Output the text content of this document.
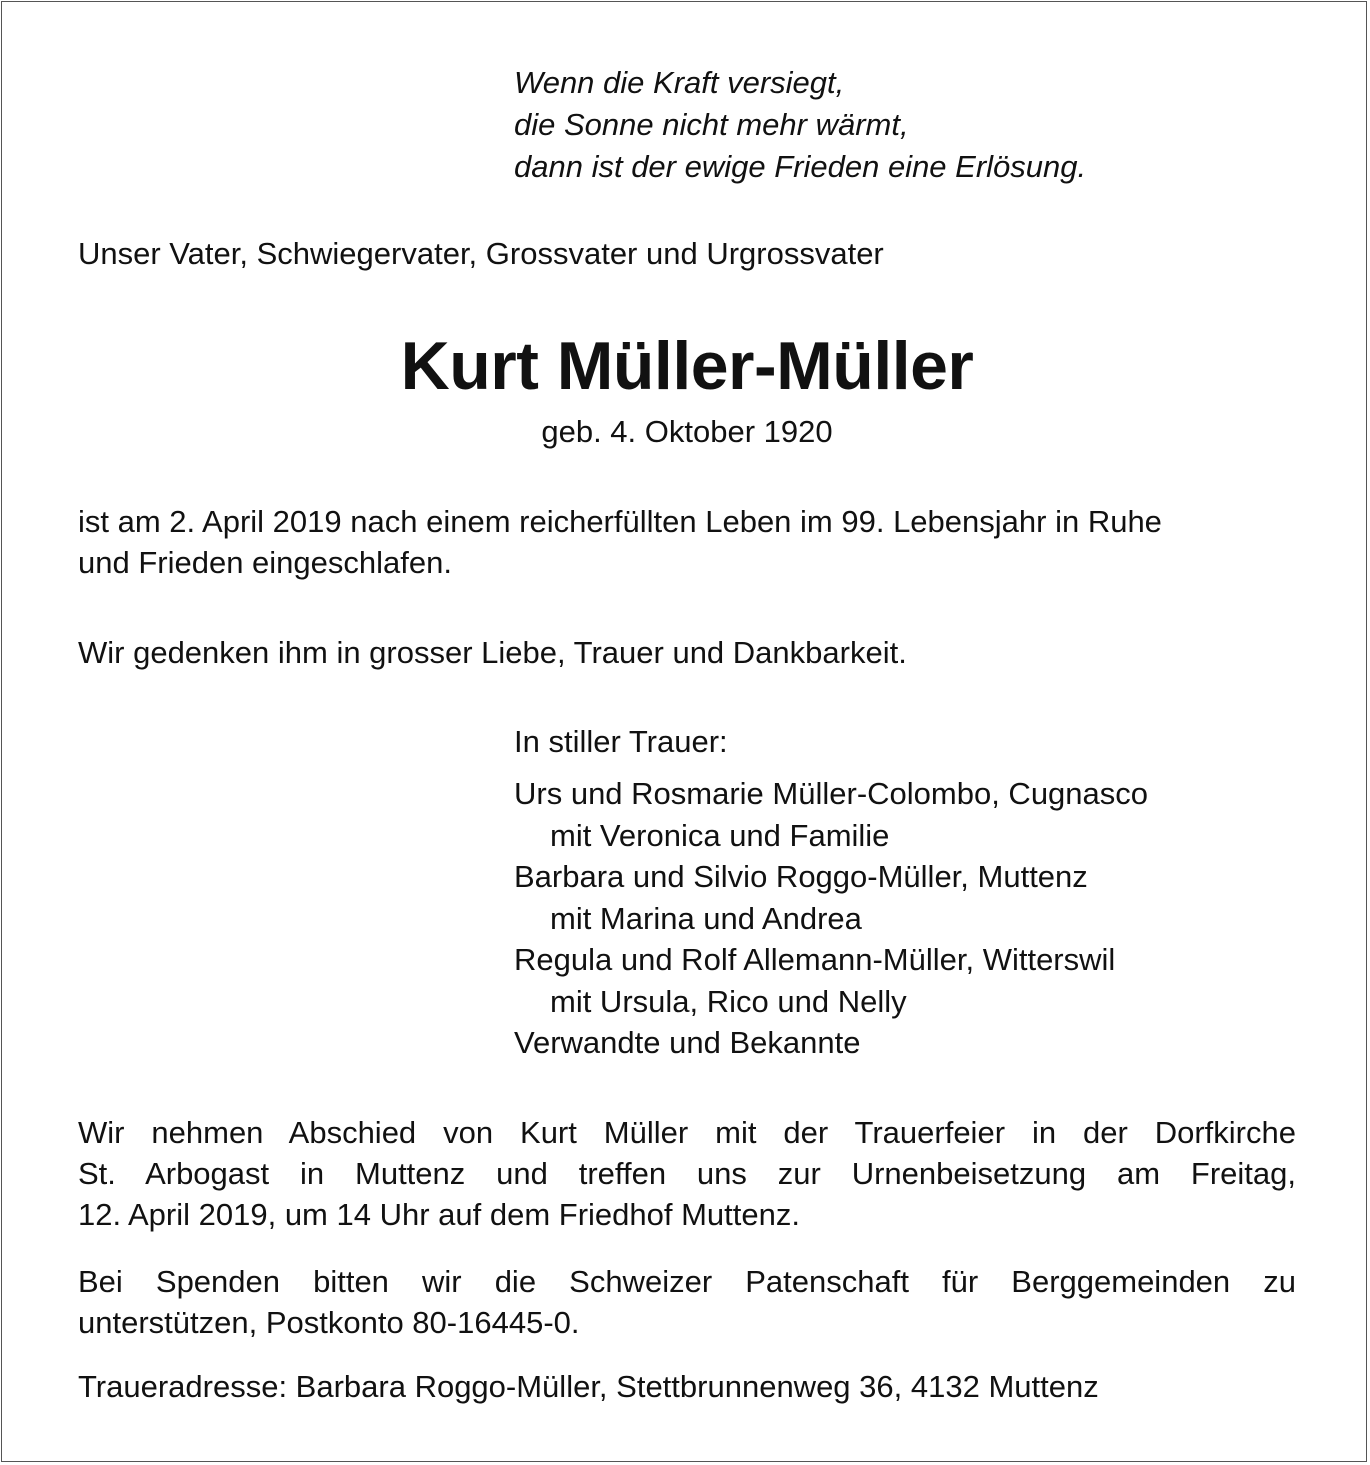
Wenn die Kraft versiegt,
die Sonne nicht mehr wärmt,
dann ist der ewige Frieden eine Erlösung.
Unser Vater, Schwiegervater, Grossvater und Urgrossvater
Kurt Müller-Müller
geb. 4. Oktober 1920
ist am 2. April 2019 nach einem reicherfüllten Leben im 99. Lebensjahr in Ruhe
und Frieden eingeschlafen.
Wir gedenken ihm in grosser Liebe, Trauer und Dankbarkeit.
In stiller Trauer:
Urs und Rosmarie Müller-Colombo, Cugnasco
mit Veronica und Familie
Barbara und Silvio Roggo-Müller, Muttenz
mit Marina und Andrea
Regula und Rolf Allemann-Müller, Witterswil
mit Ursula, Rico und Nelly
Verwandte und Bekannte
Wir nehmen Abschied von Kurt Müller mit der Trauerfeier in der Dorfkirche
St. Arbogast in Muttenz und treffen uns zur Urnenbeisetzung am Freitag,
12. April 2019, um 14 Uhr auf dem Friedhof Muttenz.
Bei Spenden bitten wir die Schweizer Patenschaft für Berggemeinden zu
unterstützen, Postkonto 80-16445-0.
Traueradresse: Barbara Roggo-Müller, Stettbrunnenweg 36, 4132 Muttenz
